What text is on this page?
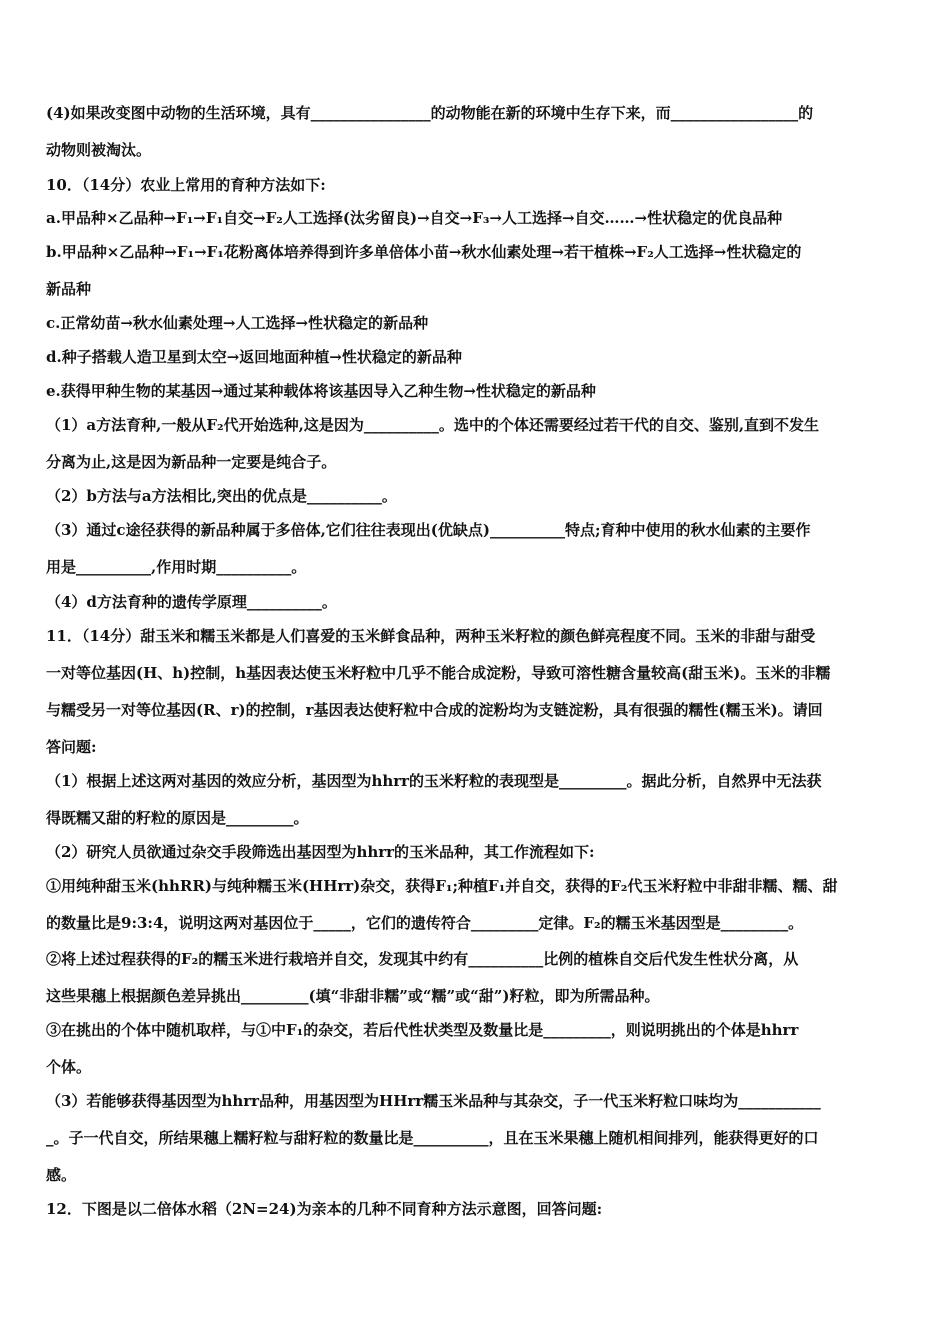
(4)如果改变图中动物的生活环境，具有________________的动物能在新的环境中生存下来，而_________________的
动物则被淘汰。
10．（14分）农业上常用的育种方法如下:
a.甲品种×乙品种→F₁→F₁自交→F₂人工选择(汰劣留良)→自交→F₃→人工选择→自交……→性状稳定的优良品种
b.甲品种×乙品种→F₁→F₁花粉离体培养得到许多单倍体小苗→秋水仙素处理→若干植株→F₂人工选择→性状稳定的
新品种
c.正常幼苗→秋水仙素处理→人工选择→性状稳定的新品种
d.种子搭载人造卫星到太空→返回地面种植→性状稳定的新品种
e.获得甲种生物的某基因→通过某种载体将该基因导入乙种生物→性状稳定的新品种
（1）a方法育种,一般从F₂代开始选种,这是因为__________。选中的个体还需要经过若干代的自交、鉴别,直到不发生
分离为止,这是因为新品种一定要是纯合子。
（2）b方法与a方法相比,突出的优点是__________。
（3）通过c途径获得的新品种属于多倍体,它们往往表现出(优缺点)__________特点;育种中使用的秋水仙素的主要作
用是__________,作用时期__________。
（4）d方法育种的遗传学原理__________。
11．（14分）甜玉米和糯玉米都是人们喜爱的玉米鲜食品种，两种玉米籽粒的颜色鲜亮程度不同。玉米的非甜与甜受
一对等位基因(H、h)控制，h基因表达使玉米籽粒中几乎不能合成淀粉，导致可溶性糖含量较高(甜玉米)。玉米的非糯
与糯受另一对等位基因(R、r)的控制，r基因表达使籽粒中合成的淀粉均为支链淀粉，具有很强的糯性(糯玉米)。请回
答问题:
（1）根据上述这两对基因的效应分析，基因型为hhrr的玉米籽粒的表现型是_________。据此分析，自然界中无法获
得既糯又甜的籽粒的原因是_________。
（2）研究人员欲通过杂交手段筛选出基因型为hhrr的玉米品种，其工作流程如下:
①用纯种甜玉米(hhRR)与纯种糯玉米(HHrr)杂交，获得F₁;种植F₁并自交，获得的F₂代玉米籽粒中非甜非糯、糯、甜
的数量比是9:3:4，说明这两对基因位于_____，它们的遗传符合_________定律。F₂的糯玉米基因型是_________。
②将上述过程获得的F₂的糯玉米进行栽培并自交，发现其中约有__________比例的植株自交后代发生性状分离，从
这些果穗上根据颜色差异挑出_________(填“非甜非糯”或“糯”或“甜”)籽粒，即为所需品种。
③在挑出的个体中随机取样，与①中F₁的杂交，若后代性状类型及数量比是_________，则说明挑出的个体是hhrr
个体。
（3）若能够获得基因型为hhrr品种，用基因型为HHrr糯玉米品种与其杂交，子一代玉米籽粒口味均为___________
_。子一代自交，所结果穗上糯籽粒与甜籽粒的数量比是__________，且在玉米果穗上随机相间排列，能获得更好的口
感。
12．下图是以二倍体水稻（2N=24)为亲本的几种不同育种方法示意图，回答问题:
